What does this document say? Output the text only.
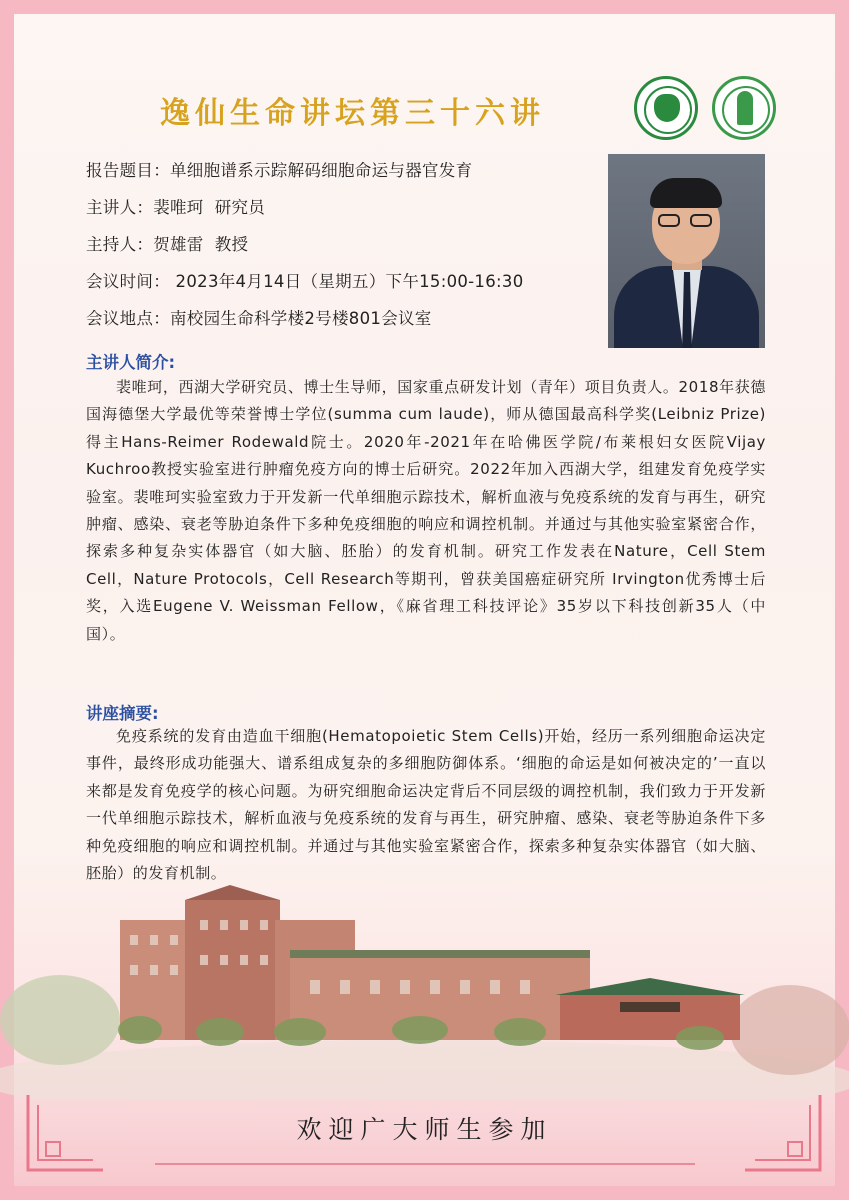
逸仙生命讲坛第三十六讲
报告题目： 单细胞谱系示踪解码细胞命运与器官发育
主讲人： 裴唯珂  研究员
主持人： 贺雄雷  教授
会议时间： 2023年4月14日（星期五）下午15:00-16:30
会议地点： 南校园生命科学楼2号楼801会议室
主讲人简介:

裴唯珂，西湖大学研究员、博士生导师，国家重点研发计划（青年）项目负责人。2018年获德国海德堡大学最优等荣誉博士学位(summa cum laude)，师从德国最高科学奖(Leibniz Prize)得主Hans-Reimer Rodewald院士。2020年-2021年在哈佛医学院/布莱根妇女医院Vijay Kuchroo教授实验室进行肿瘤免疫方向的博士后研究。2022年加入西湖大学，组建发育免疫学实验室。裴唯珂实验室致力于开发新一代单细胞示踪技术，解析血液与免疫系统的发育与再生，研究肿瘤、感染、衰老等胁迫条件下多种免疫细胞的响应和调控机制。并通过与其他实验室紧密合作，探索多种复杂实体器官（如大脑、胚胎）的发育机制。研究工作发表在Nature，Cell Stem Cell，Nature Protocols，Cell Research等期刊，曾获美国癌症研究所 Irvington优秀博士后奖，入选Eugene V. Weissman Fellow，《麻省理工科技评论》35岁以下科技创新35人（中国）。

讲座摘要:

免疫系统的发育由造血干细胞(Hematopoietic Stem Cells)开始，经历一系列细胞命运决定事件，最终形成功能强大、谱系组成复杂的多细胞防御体系。‘细胞的命运是如何被决定的’一直以来都是发育免疫学的核心问题。为研究细胞命运决定背后不同层级的调控机制，我们致力于开发新一代单细胞示踪技术，解析血液与免疫系统的发育与再生，研究肿瘤、感染、衰老等胁迫条件下多种免疫细胞的响应和调控机制。并通过与其他实验室紧密合作，探索多种复杂实体器官（如大脑、胚胎）的发育机制。

欢迎广大师生参加
